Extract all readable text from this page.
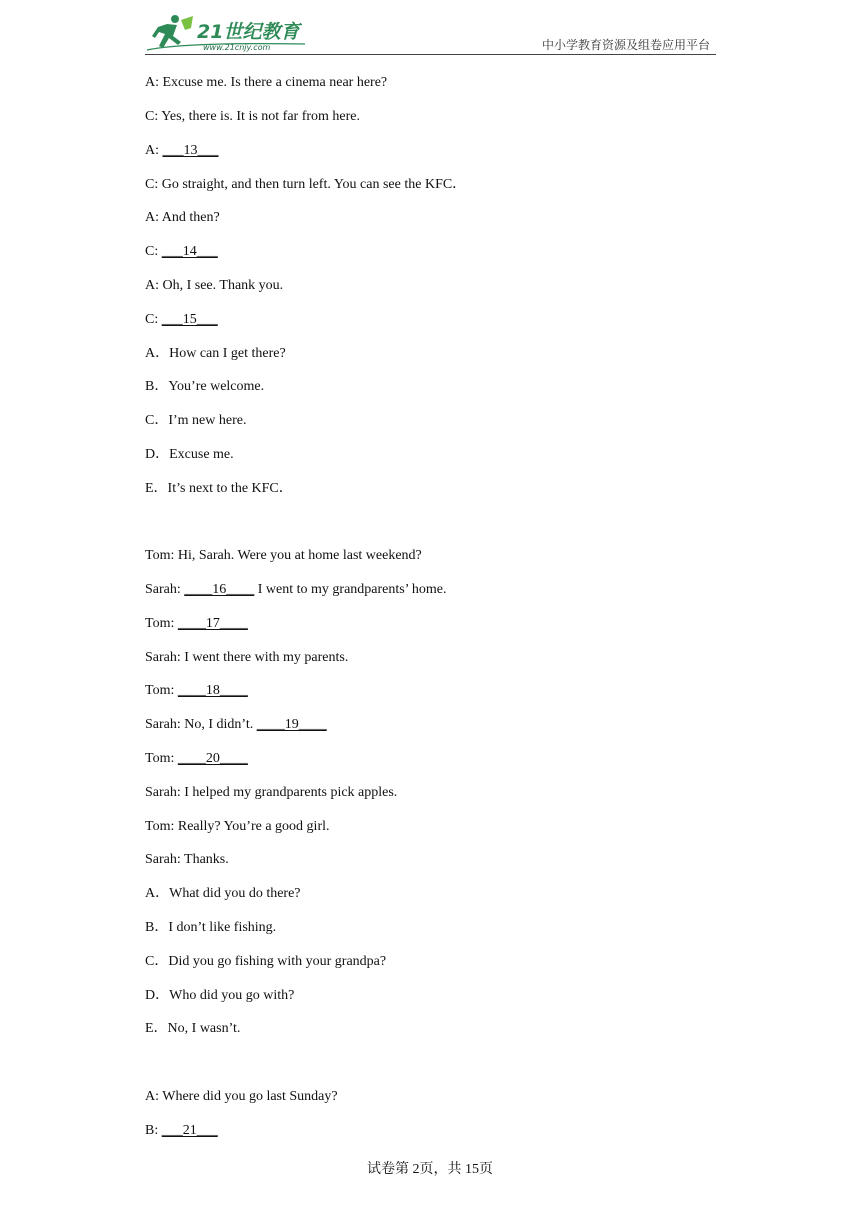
21世纪教育
www.21cnjy.com	中小学教育资源及组卷应用平台
A: Excuse me. Is there a cinema near here?
C: Yes, there is. It is not far from here.
A: ___13___
C: Go straight, and then turn left. You can see the KFC．
A: And then?
C: ___14___
A: Oh, I see. Thank you.
C: ___15___
A．How can I get there?
B．You’re welcome.
C．I’m new here.
D．Excuse me.
E．It’s next to the KFC．
Tom: Hi, Sarah. Were you at home last weekend?
Sarah: ____16____ I went to my grandparents’ home.
Tom: ____17____
Sarah: I went there with my parents.
Tom: ____18____
Sarah: No, I didn’t. ____19____
Tom: ____20____
Sarah: I helped my grandparents pick apples.
Tom: Really? You’re a good girl.
Sarah: Thanks.
A．What did you do there?
B．I don’t like fishing.
C．Did you go fishing with your grandpa?
D．Who did you go with?
E．No, I wasn’t.
A: Where did you go last Sunday?
B: ___21___
试卷第 2页，共 15页
